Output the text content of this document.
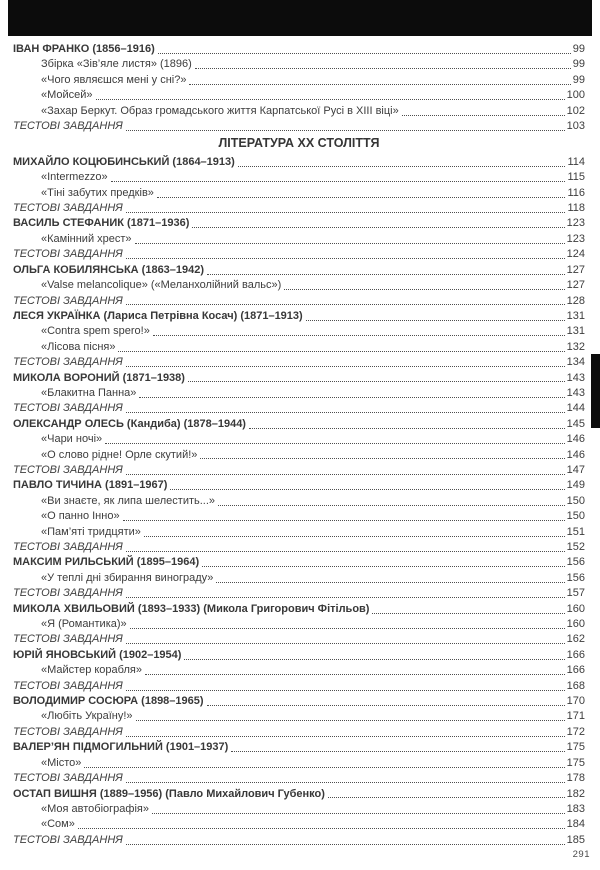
ІВАН ФРАНКО (1856–1916)	99
Збірка «Зів’яле листя» (1896)	99
«Чого являєшся мені у сні?»	99
«Мойсей»	100
«Захар Беркут. Образ громадського життя Карпатської Русі в XIII віці»	102
ТЕСТОВІ ЗАВДАННЯ	103
ЛІТЕРАТУРА ХХ СТОЛІТТЯ
МИХАЙЛО КОЦЮБИНСЬКИЙ (1864–1913)	114
«Intermezzo»	115
«Тіні забутих предків»	116
ТЕСТОВІ ЗАВДАННЯ	118
ВАСИЛЬ СТЕФАНИК (1871–1936)	123
«Камінний хрест»	123
ТЕСТОВІ ЗАВДАННЯ	124
ОЛЬГА КОБИЛЯНСЬКА (1863–1942)	127
«Valse melancolique» («Меланхолійний вальс»)	127
ТЕСТОВІ ЗАВДАННЯ	128
ЛЕСЯ УКРАЇНКА (Лариса Петрівна Косач) (1871–1913)	131
«Contra spem spero!»	131
«Лісова пісня»	132
ТЕСТОВІ ЗАВДАННЯ	134
МИКОЛА ВОРОНИЙ (1871–1938)	143
«Блакитна Панна»	143
ТЕСТОВІ ЗАВДАННЯ	144
ОЛЕКСАНДР ОЛЕСЬ (Кандиба) (1878–1944)	145
«Чари ночі»	146
«О слово рідне! Орле скутий!»	146
ТЕСТОВІ ЗАВДАННЯ	147
ПАВЛО ТИЧИНА (1891–1967)	149
«Ви знаєте, як липа шелестить...»	150
«О панно Інно»	150
«Пам’яті тридцяти»	151
ТЕСТОВІ ЗАВДАННЯ	152
МАКСИМ РИЛЬСЬКИЙ (1895–1964)	156
«У теплі дні збирання винограду»	156
ТЕСТОВІ ЗАВДАННЯ	157
МИКОЛА ХВИЛЬОВИЙ (1893–1933) (Микола Григорович Фітільов)	160
«Я (Романтика)»	160
ТЕСТОВІ ЗАВДАННЯ	162
ЮРІЙ ЯНОВСЬКИЙ (1902–1954)	166
«Майстер корабля»	166
ТЕСТОВІ ЗАВДАННЯ	168
ВОЛОДИМИР СОСЮРА (1898–1965)	170
«Любіть Україну!»	171
ТЕСТОВІ ЗАВДАННЯ	172
ВАЛЕР’ЯН ПІДМОГИЛЬНИЙ (1901–1937)	175
«Місто»	175
ТЕСТОВІ ЗАВДАННЯ	178
ОСТАП ВИШНЯ (1889–1956) (Павло Михайлович Губенко)	182
«Моя автобіографія»	183
«Сом»	184
ТЕСТОВІ ЗАВДАННЯ	185
291
